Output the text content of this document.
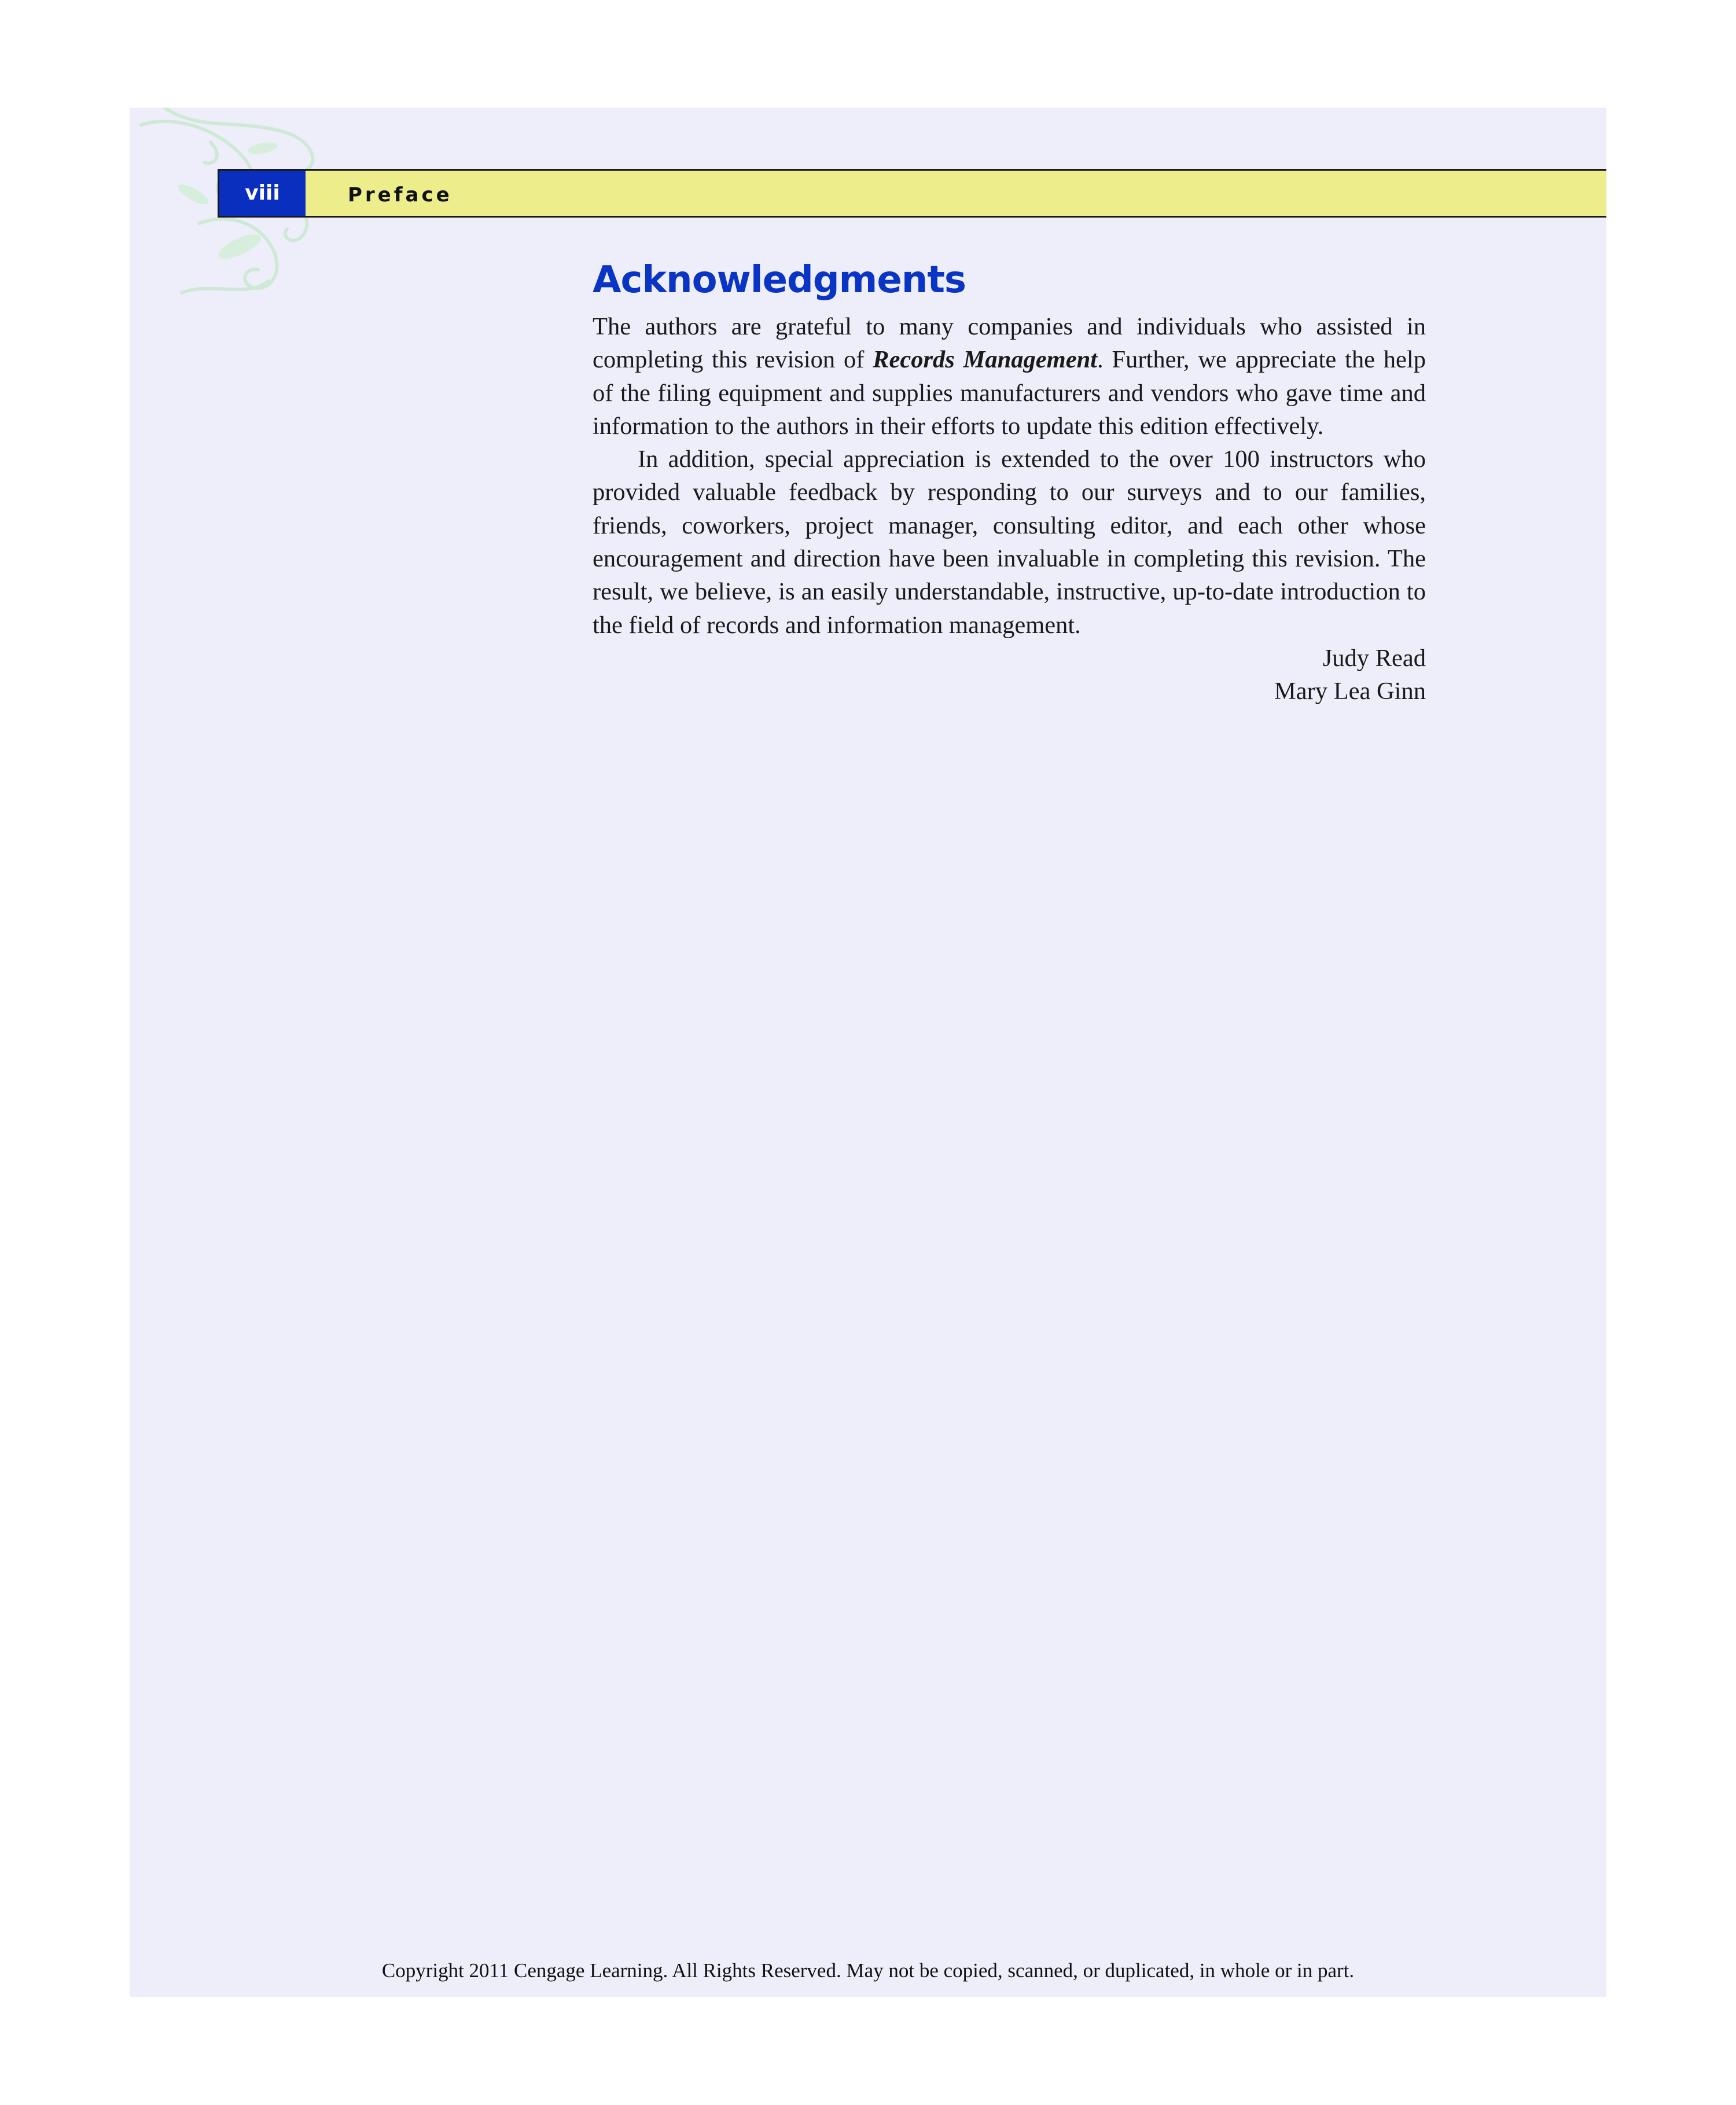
viii	Preface
Acknowledgments

The authors are grateful to many companies and individuals who assisted in completing this revision of Records Management. Further, we appreciate the help of the filing equipment and supplies manufacturers and vendors who gave time and information to the authors in their efforts to update this edition effectively.

In addition, special appreciation is extended to the over 100 instructors who provided valuable feedback by responding to our surveys and to our families, friends, coworkers, project manager, consulting editor, and each other whose encouragement and direction have been invaluable in completing this revision. The result, we believe, is an easily understandable, instructive, up-to-date introduction to the field of records and information management.

Judy Read
Mary Lea Ginn
Copyright 2011 Cengage Learning. All Rights Reserved. May not be copied, scanned, or duplicated, in whole or in part.
